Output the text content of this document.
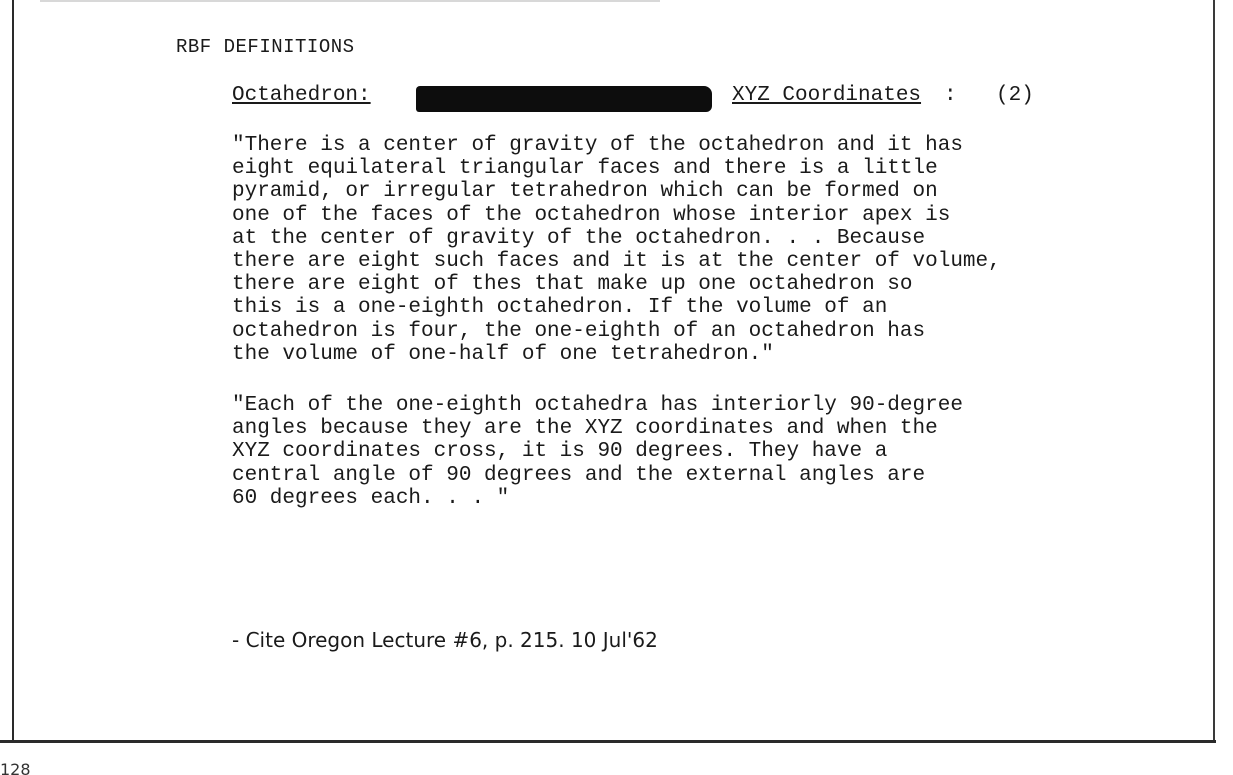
RBF DEFINITIONS
Octahedron:	XYZ Coordinates : (2)
"There is a center of gravity of the octahedron and it has
eight equilateral triangular faces and there is a little
pyramid, or irregular tetrahedron which can be formed on
one of the faces of the octahedron whose interior apex is
at the center of gravity of the octahedron. . . Because
there are eight such faces and it is at the center of volume,
there are eight of thes that make up one octahedron so
this is a one-eighth octahedron. If the volume of an
octahedron is four, the one-eighth of an octahedron has
the volume of one-half of one tetrahedron."
"Each of the one-eighth octahedra has interiorly 90-degree
angles because they are the XYZ coordinates and when the
XYZ coordinates cross, it is 90 degrees. They have a
central angle of 90 degrees and the external angles are
60 degrees each. . . "
- Cite Oregon Lecture #6, p. 215. 10 Jul'62
128
